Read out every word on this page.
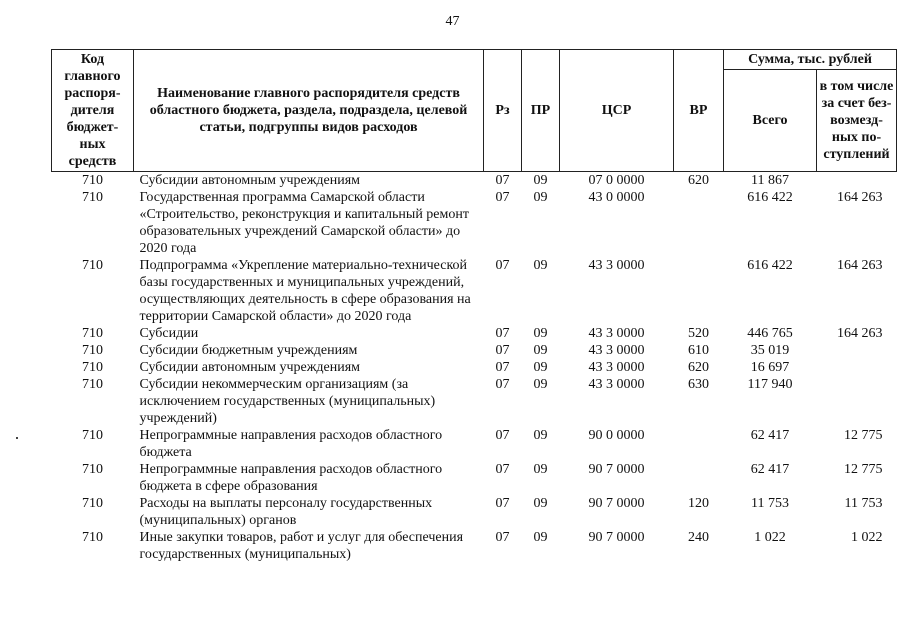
47
Код главного распоря-дителя бюджет-ных средств	Наименование главного распорядителя средств областного бюджета, раздела, подраздела, целевой статьи, подгруппы видов расходов	Рз	ПР	ЦСР	ВР	Сумма, тыс. рублей	
						Всего	в том числе за счет без-возмезд-ных по-ступлений
710	Субсидии автономным учреждениям	07	09	07 0 0000	620	11 867	
710	Государственная программа Самарской области «Строительство, реконструкция и капитальный ремонт образовательных учреждений Самарской области» до 2020 года	07	09	43 0 0000		616 422	164 263
710	Подпрограмма «Укрепление материально-технической базы государственных и муниципальных учреждений, осуществляющих деятельность в сфере образования на территории Самарской области» до 2020 года	07	09	43 3 0000		616 422	164 263
710	Субсидии	07	09	43 3 0000	520	446 765	164 263
710	Субсидии бюджетным учреждениям	07	09	43 3 0000	610	35 019	
710	Субсидии автономным учреждениям	07	09	43 3 0000	620	16 697	
710	Субсидии некоммерческим организациям (за исключением государственных (муниципальных) учреждений)	07	09	43 3 0000	630	117 940	
710	Непрограммные направления расходов областного бюджета	07	09	90 0 0000		62 417	12 775
710	Непрограммные направления расходов областного бюджета в сфере образования	07	09	90 7 0000		62 417	12 775
710	Расходы на выплаты персоналу государственных (муниципальных) органов	07	09	90 7 0000	120	11 753	11 753
710	Иные закупки товаров, работ и услуг для обеспечения государственных (муниципальных)	07	09	90 7 0000	240	1 022	1 022
